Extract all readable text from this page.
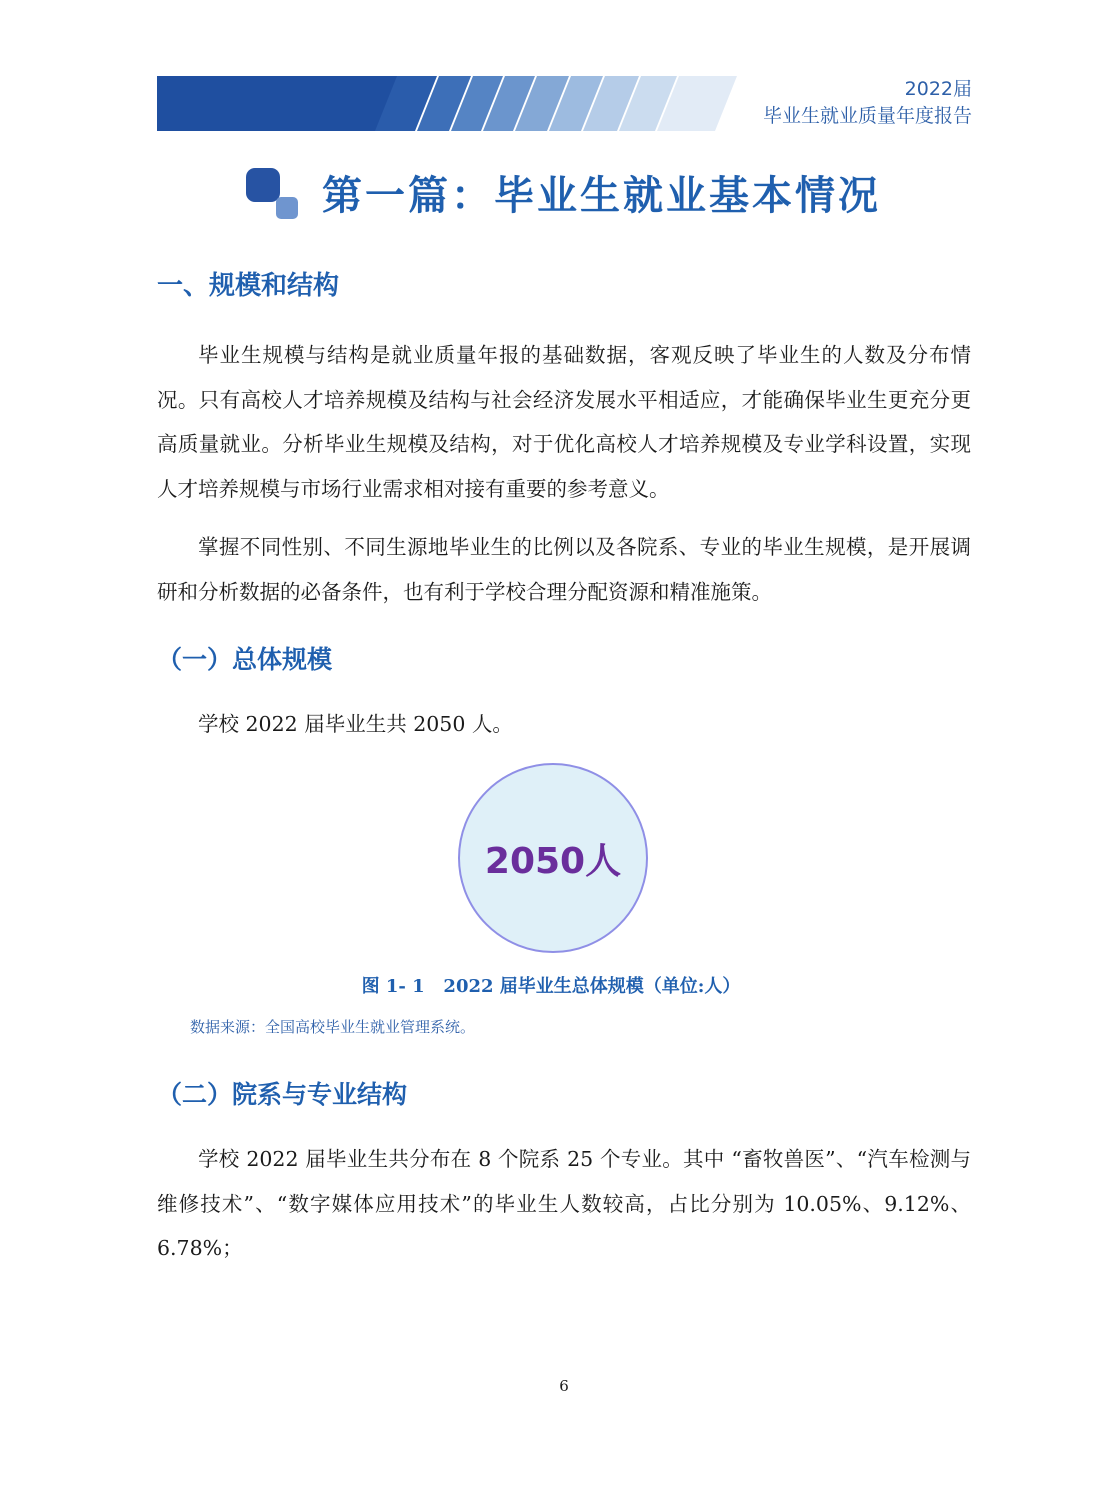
2022届
毕业生就业质量年度报告
第一篇：毕业生就业基本情况
一、规模和结构

毕业生规模与结构是就业质量年报的基础数据，客观反映了毕业生的人数及分布情况。只有高校人才培养规模及结构与社会经济发展水平相适应，才能确保毕业生更充分更高质量就业。分析毕业生规模及结构，对于优化高校人才培养规模及专业学科设置，实现人才培养规模与市场行业需求相对接有重要的参考意义。

掌握不同性别、不同生源地毕业生的比例以及各院系、专业的毕业生规模，是开展调研和分析数据的必备条件，也有利于学校合理分配资源和精准施策。

（一）总体规模

学校 2022 届毕业生共 2050 人。

2050人
图 1- 1   2022 届毕业生总体规模（单位:人）
数据来源：全国高校毕业生就业管理系统。
（二）院系与专业结构

学校 2022 届毕业生共分布在 8 个院系 25 个专业。其中 “畜牧兽医”、“汽车检测与维修技术”、“数字媒体应用技术”的毕业生人数较高，占比分别为 10.05%、9.12%、6.78%；

6
